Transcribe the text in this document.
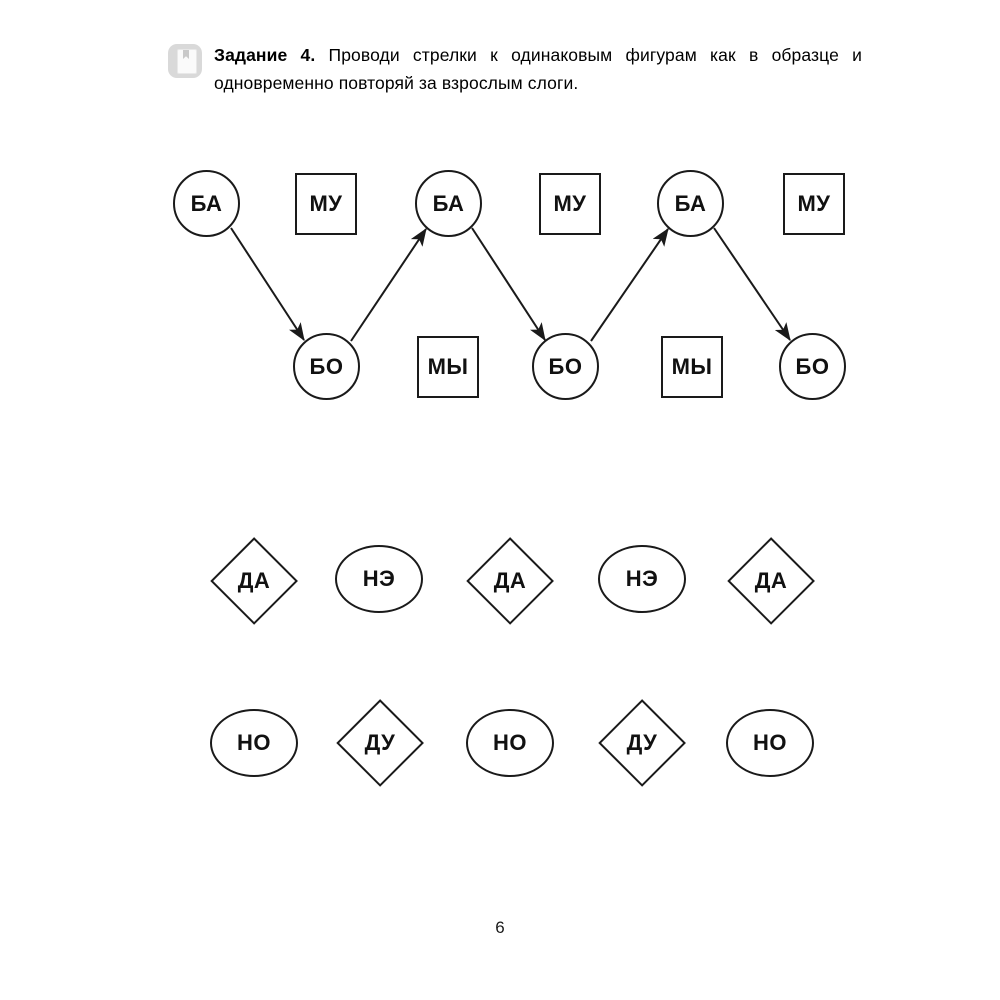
Задание 4. Проводи стрелки к одинаковым фигурам как в образце и одновременно повторяй за взрослым слоги.
БА	МУ	БА	МУ	БА	МУ
БО	МЫ	БО	МЫ	БО
ДА	НЭ	ДА	НЭ	ДА
НО	ДУ	НО	ДУ	НО
6
